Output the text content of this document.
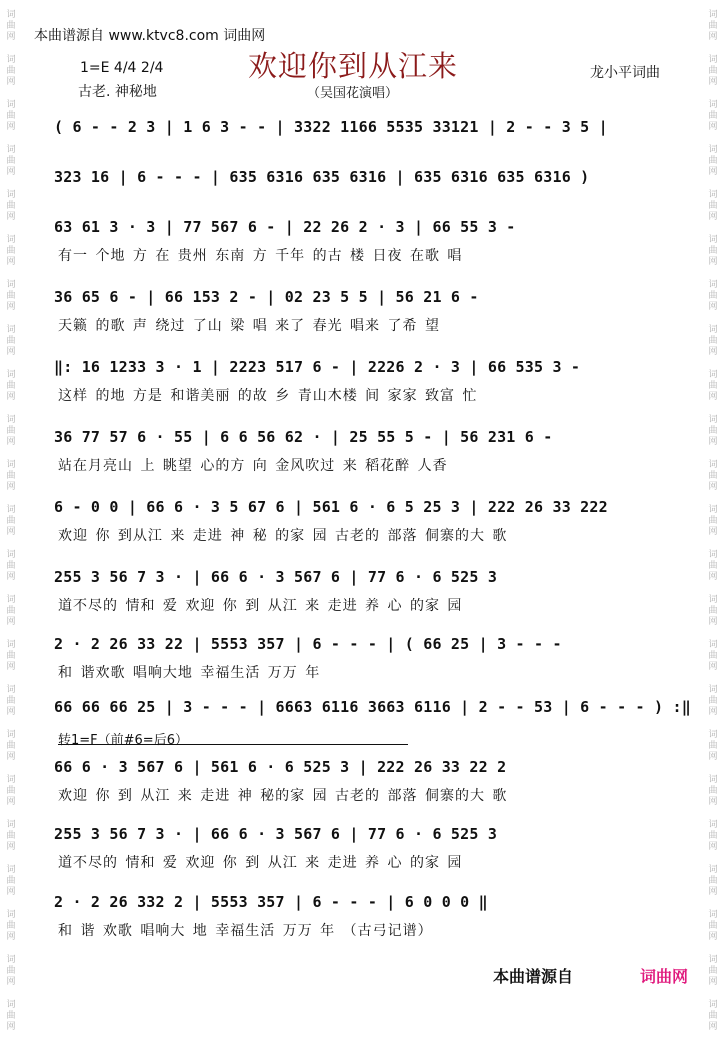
本曲谱源自 www.ktvc8.com 词曲网
欢迎你到从江来	龙小平词曲
1=E 4/4 2/4
古老. 神秘地	（吴国花演唱）
( 6 - - 2 3 | 1 6 3 - - | 3322 1166 5535 33121 | 2 - - 3 5 |
323 16 | 6 - - - | 635 6316 635 6316 | 635 6316 635 6316 )
63 61 3 · 3 | 77 567 6 - | 22 26 2 · 3 | 66 55 3 -
有一 个地 方 在 贵州 东南 方 千年 的古 楼 日夜 在歌 唱
36 65 6 - | 66 153 2 - | 02 23 5 5 | 56 21 6 -
天籁 的歌 声 绕过 了山 梁 唱 来了 春光 唱来 了希 望
‖: 16 1233 3 · 1 | 2223 517 6 - | 2226 2 · 3 | 66 535 3 -
这样 的地 方是 和谐美丽 的故 乡 青山木楼 间 家家 致富 忙
36 77 57 6 · 55 | 6 6 56 62 · | 25 55 5 - | 56 231 6 -
站在月亮山 上 眺望 心的方 向 金风吹过 来 稻花醉 人香
6 - 0 0 | 66 6 · 3 5 67 6 | 561 6 · 6 5 25 3 | 222 26 33 222
欢迎 你 到从江 来 走进 神 秘 的家 园 古老的 部落 侗寨的大 歌
255 3 56 7 3 · | 66 6 · 3 567 6 | 77 6 · 6 525 3
道不尽的 情和 爱 欢迎 你 到 从江 来 走进 养 心 的家 园
2 · 2 26 33 22 | 5553 357 | 6 - - - | ( 66 25 | 3 - - -
和 谐欢歌 唱响大地 幸福生活 万万 年
66 66 66 25 | 3 - - - | 6663 6116 3663 6116 | 2 - - 53 | 6 - - - ) :‖
66 6 · 3 567 6 | 561 6 · 6 525 3 | 222 26 33 22 2
欢迎 你 到 从江 来 走进 神 秘的家 园 古老的 部落 侗寨的大 歌
255 3 56 7 3 · | 66 6 · 3 567 6 | 77 6 · 6 525 3
道不尽的 情和 爱 欢迎 你 到 从江 来 走进 养 心 的家 园
2 · 2 26 332 2 | 5553 357 | 6 - - - | 6 0 0 0 ‖
和 谐 欢歌 唱响大 地 幸福生活 万万 年 （古弓记谱）
转1=F（前#6=后6）
本曲谱源自	词曲网
词曲网
词曲网
词曲网
词曲网
词曲网
词曲网
词曲网
词曲网
词曲网
词曲网
词曲网
词曲网
词曲网
词曲网
词曲网
词曲网
词曲网
词曲网
词曲网
词曲网
词曲网
词曲网
词曲网
词曲网
词曲网
词曲网
词曲网
词曲网
词曲网
词曲网
词曲网
词曲网
词曲网
词曲网
词曲网
词曲网
词曲网
词曲网
词曲网
词曲网
词曲网
词曲网
词曲网
词曲网
词曲网
词曲网
